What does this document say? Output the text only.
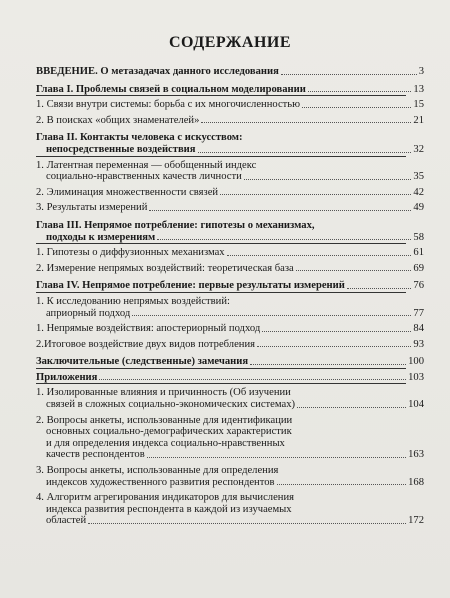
СОДЕРЖАНИЕ
ВВЕДЕНИЕ. О метазадачах данного исследования	3
Глава I. Проблемы связей в социальном моделировании	13
1. Связи внутри системы: борьба с их многочисленностью	15
2. В поисках «общих знаменателей»	21
Глава II. Контакты человека с искусством:
непосредственные воздействия	32
1. Латентная переменная — обобщенный индекс
социально-нравственных качеств личности	35
2. Элиминация множественности связей	42
3. Результаты измерений	49
Глава III. Непрямое потребление: гипотезы о механизмах,
подходы к измерениям	58
1. Гипотезы о диффузионных механизмах	61
2. Измерение непрямых воздействий: теоретическая база	69
Глава IV. Непрямое потребление: первые результаты измерений	76
1. К исследованию непрямых воздействий:
априорный подход	77
1. Непрямые воздействия: апостериорный подход	84
2.Итоговое воздействие двух видов потребления	93
Заключительные (следственные) замечания	100
Приложения	103
1. Изолированные влияния и причинность (Об изучении
связей в сложных социально-экономических системах)	104
2. Вопросы анкеты, использованные для идентификации
основных социально-демографических характеристик
и для определения индекса социально-нравственных
качеств респондентов	163
3. Вопросы анкеты, использованные для определения
индексов художественного развития респондентов	168
4. Алгоритм агрегирования индикаторов для вычисления
индекса развития респондента в каждой из изучаемых
областей	172
